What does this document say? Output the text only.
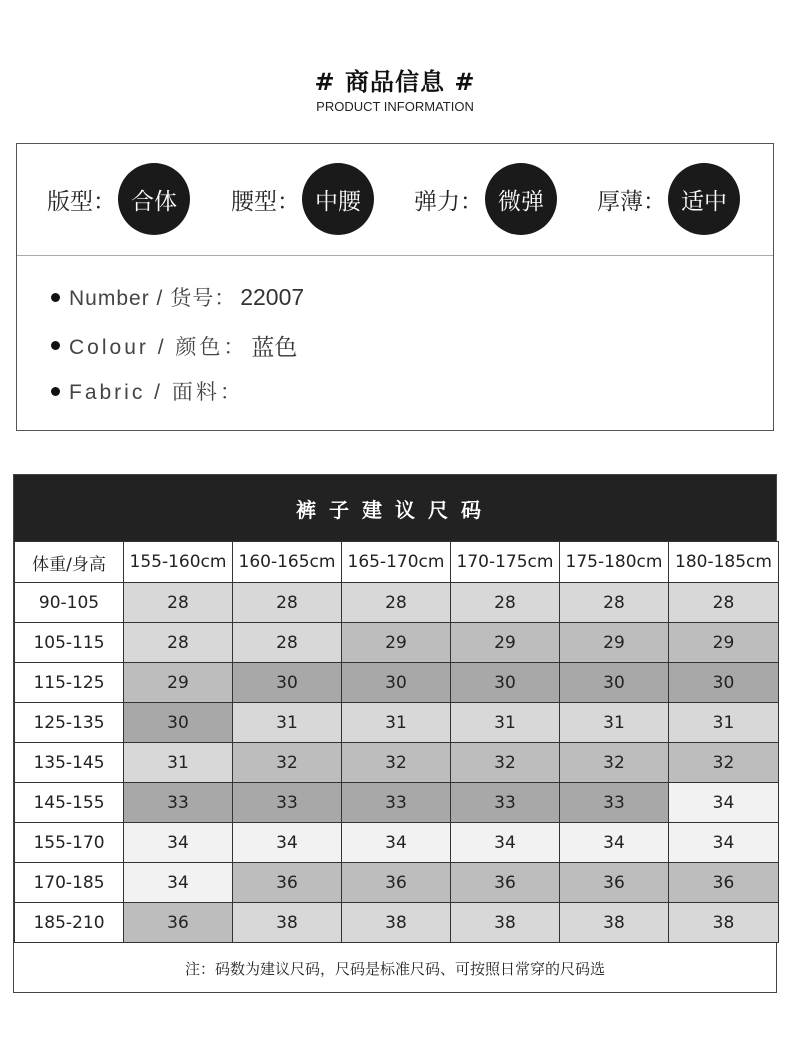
# 商品信息 #
PRODUCT INFORMATION
版型： 合体	腰型： 中腰	弹力： 微弹	厚薄： 适中
Number / 货号： 22007
Colour / 颜色： 蓝色
Fabric / 面料：
裤子建议尺码
体重/身高	155-160cm	160-165cm	165-170cm	170-175cm	175-180cm	180-185cm
90-105	28	28	28	28	28	28
105-115	28	28	29	29	29	29
115-125	29	30	30	30	30	30
125-135	30	31	31	31	31	31
135-145	31	32	32	32	32	32
145-155	33	33	33	33	33	34
155-170	34	34	34	34	34	34
170-185	34	36	36	36	36	36
185-210	36	38	38	38	38	38
注：码数为建议尺码，尺码是标准尺码、可按照日常穿的尺码选
